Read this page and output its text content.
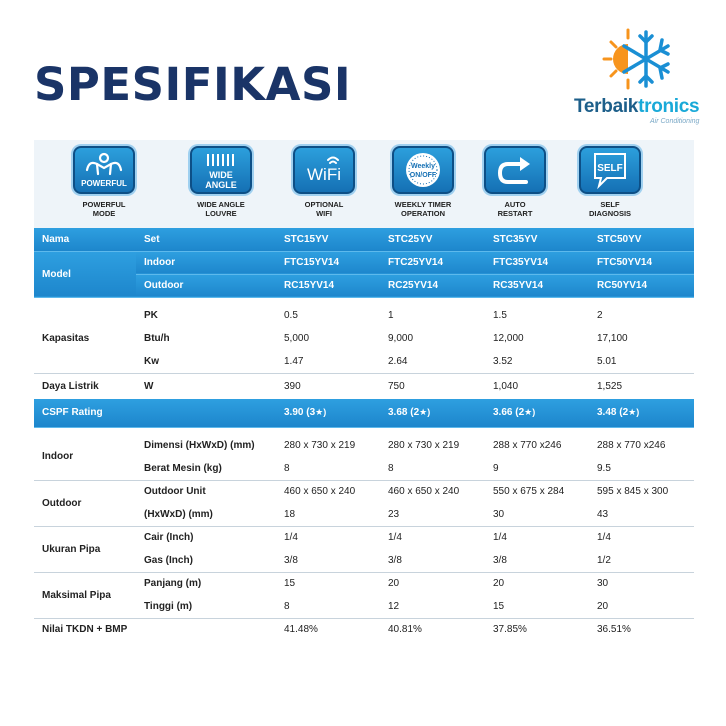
SPESIFIKASI	Terbaiktronics
Air Conditioning
POWERFUL
POWERFUL
MODE
WIDE
ANGLE
WIDE ANGLE
LOUVRE
WiFi
OPTIONAL
WIFI
Weekly
ON/OFF
WEEKLY TIMER
OPERATION
AUTO
RESTART
SELF
SELF
DIAGNOSIS
Nama	Set	STC15YV	STC25YV	STC35YV	STC50YV
Model	Indoor	FTC15YV14	FTC25YV14	FTC35YV14	FTC50YV14
	Outdoor	RC15YV14	RC25YV14	RC35YV14	RC50YV14

Kapasitas	PK	0.5	1	1.5	2
	Btu/h	5,000	9,000	12,000	17,100
	Kw	1.47	2.64	3.52	5.01
Daya Listrik	W	390	750	1,040	1,525
CSPF Rating		3.90 (3★)	3.68 (2★)	3.66 (2★)	3.48 (2★)

Indoor	Dimensi (HxWxD) (mm)	280 x 730 x 219	280 x 730 x 219	288 x 770 x246	288 x 770 x246
	Berat Mesin (kg)	8	8	9	9.5
Outdoor	Outdoor Unit	460 x 650 x 240	460 x 650 x 240	550 x 675 x 284	595 x 845 x 300
	(HxWxD) (mm)	18	23	30	43
Ukuran Pipa	Cair (Inch)	1/4	1/4	1/4	1/4
	Gas (Inch)	3/8	3/8	3/8	1/2
Maksimal Pipa	Panjang (m)	15	20	20	30
	Tinggi (m)	8	12	15	20
Nilai TKDN + BMP		41.48%	40.81%	37.85%	36.51%
